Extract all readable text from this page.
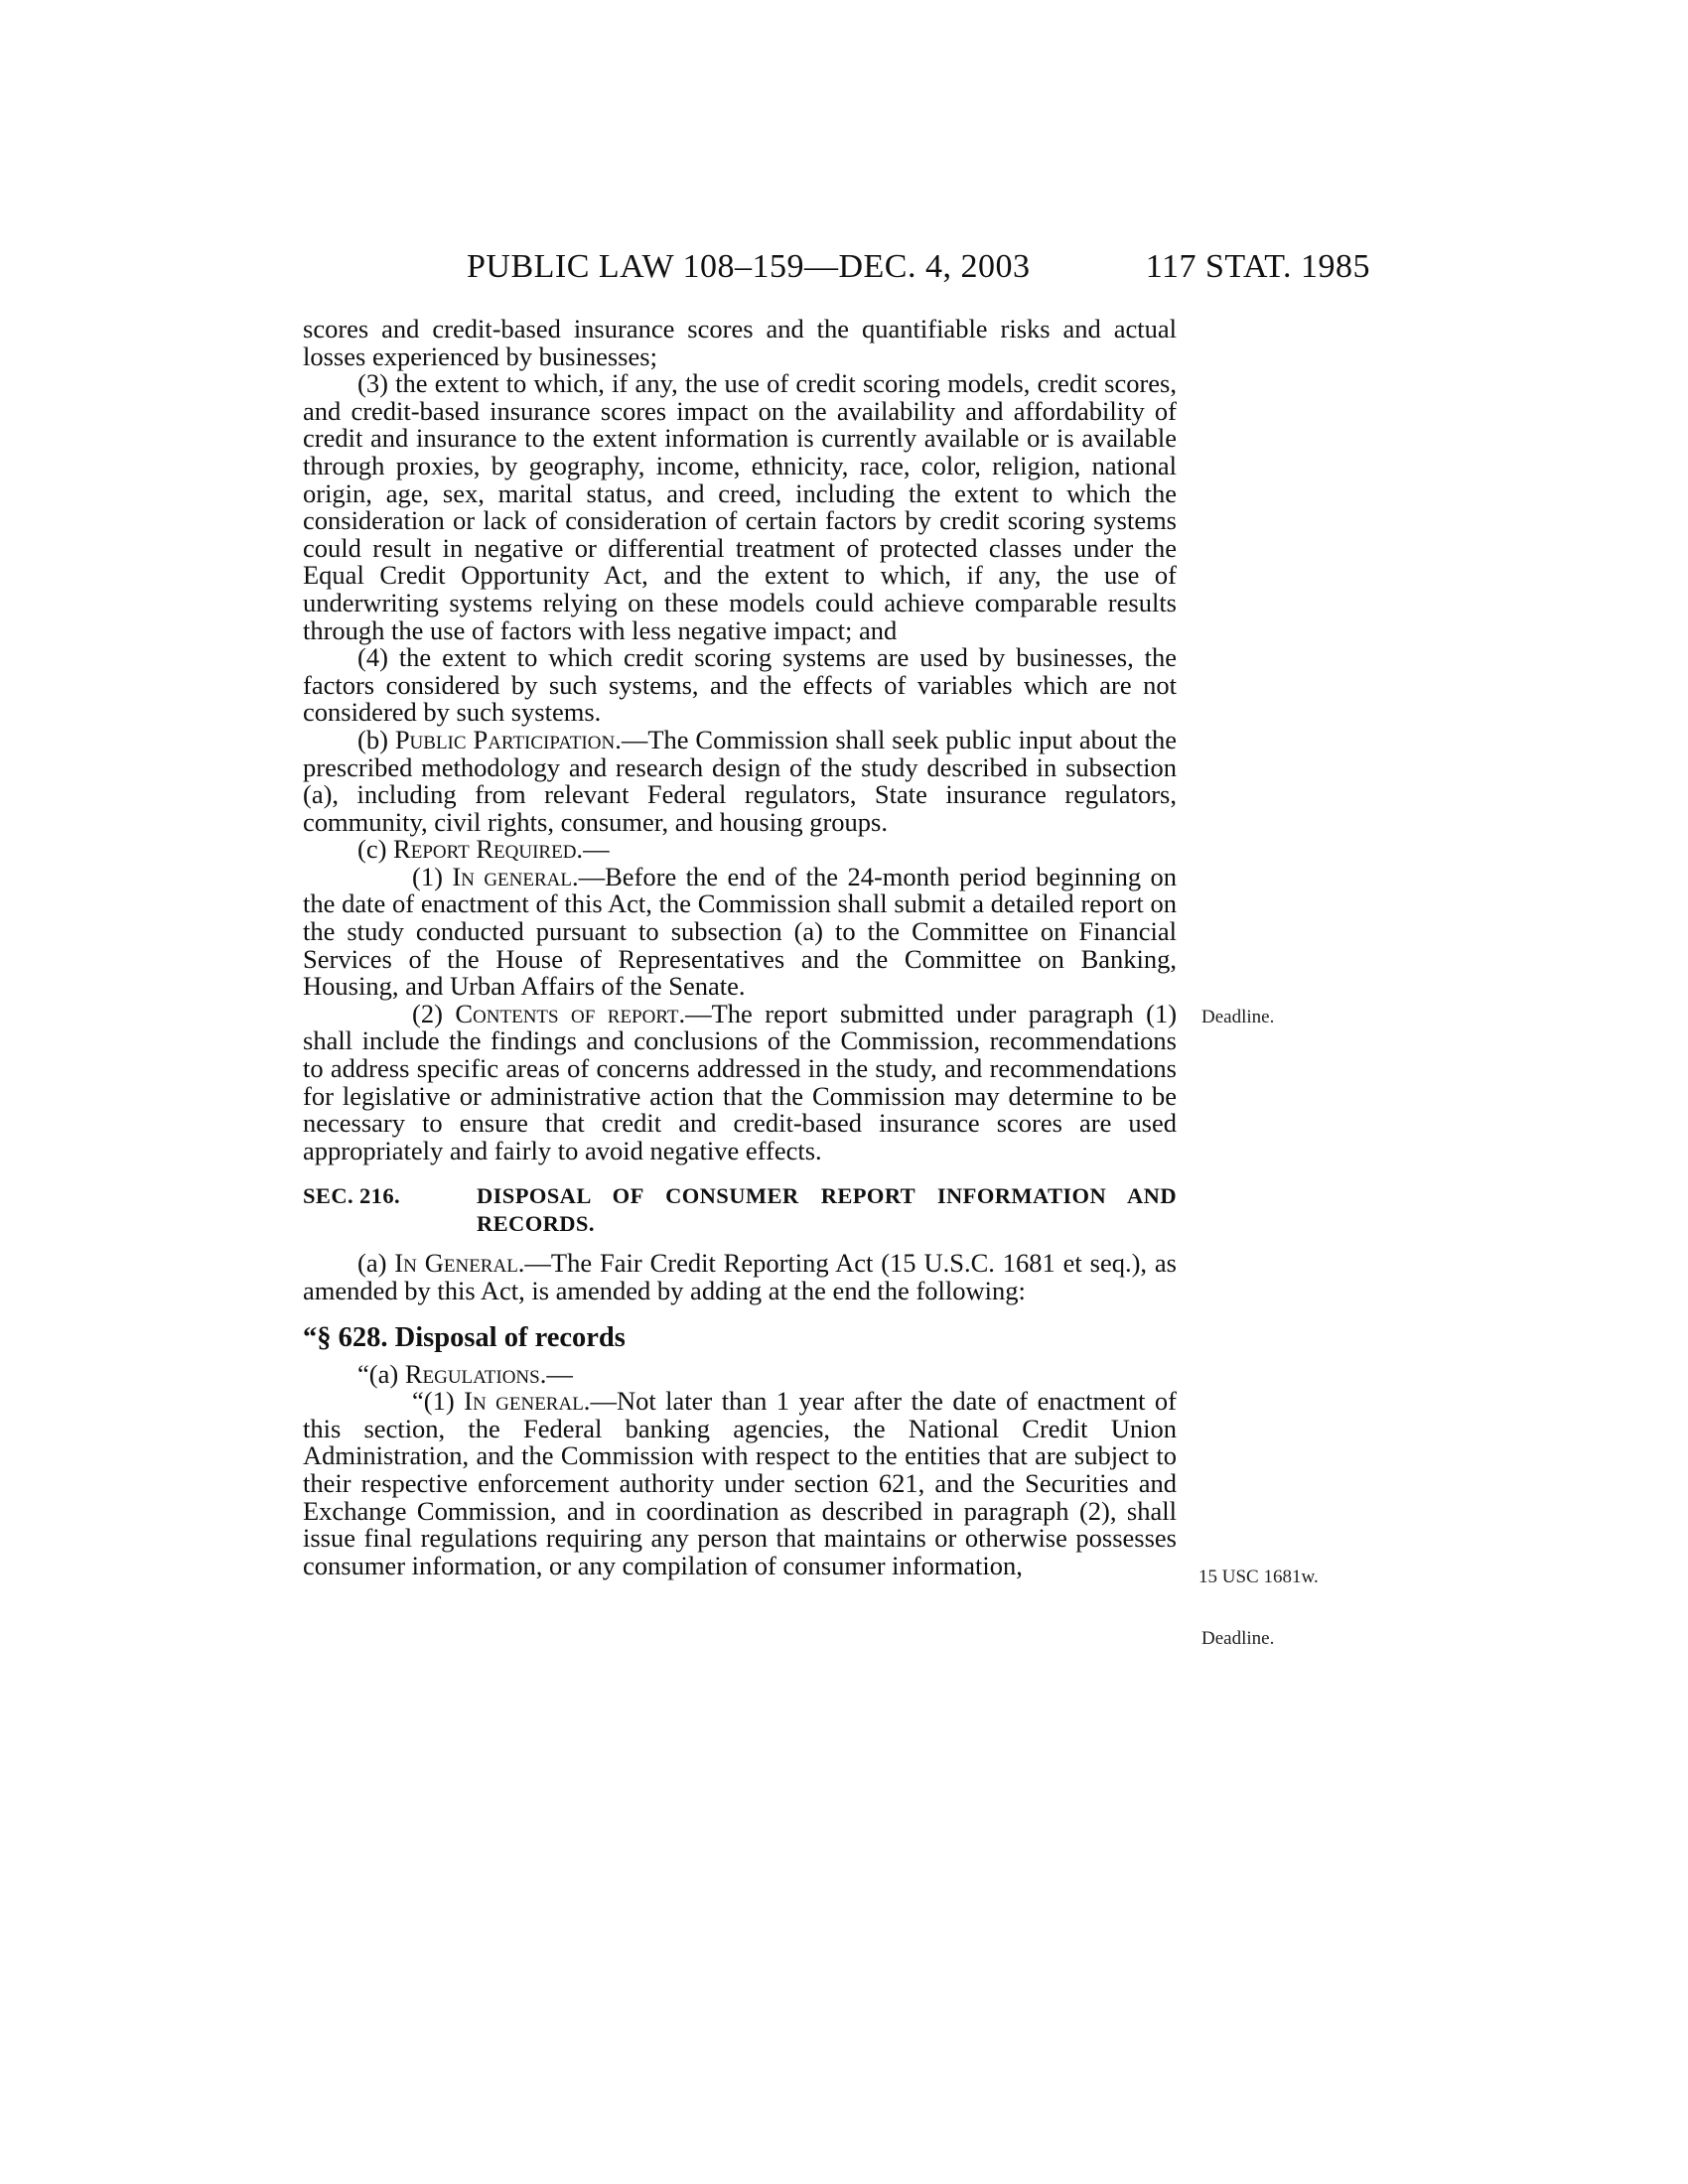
PUBLIC LAW 108–159—DEC. 4, 2003	117 STAT. 1985

scores and credit-based insurance scores and the quantifiable risks and actual losses experienced by businesses;

(3) the extent to which, if any, the use of credit scoring models, credit scores, and credit-based insurance scores impact on the availability and affordability of credit and insurance to the extent information is currently available or is available through proxies, by geography, income, ethnicity, race, color, religion, national origin, age, sex, marital status, and creed, including the extent to which the consideration or lack of consideration of certain factors by credit scoring systems could result in negative or differential treatment of protected classes under the Equal Credit Opportunity Act, and the extent to which, if any, the use of underwriting systems relying on these models could achieve comparable results through the use of factors with less negative impact; and

(4) the extent to which credit scoring systems are used by businesses, the factors considered by such systems, and the effects of variables which are not considered by such systems.

(b) Public Participation.—The Commission shall seek public input about the prescribed methodology and research design of the study described in subsection (a), including from relevant Federal regulators, State insurance regulators, community, civil rights, consumer, and housing groups.

(c) Report Required.—

(1) In general.—Before the end of the 24-month period beginning on the date of enactment of this Act, the Commission shall submit a detailed report on the study conducted pursuant to subsection (a) to the Committee on Financial Services of the House of Representatives and the Committee on Banking, Housing, and Urban Affairs of the Senate.

(2) Contents of report.—The report submitted under paragraph (1) shall include the findings and conclusions of the Commission, recommendations to address specific areas of concerns addressed in the study, and recommendations for legislative or administrative action that the Commission may determine to be necessary to ensure that credit and credit-based insurance scores are used appropriately and fairly to avoid negative effects.

SEC. 216.	DISPOSAL OF CONSUMER REPORT INFORMATION AND RECORDS.

(a) In General.—The Fair Credit Reporting Act (15 U.S.C. 1681 et seq.), as amended by this Act, is amended by adding at the end the following:

“§ 628. Disposal of records

“(a) Regulations.—

“(1) In general.—Not later than 1 year after the date of enactment of this section, the Federal banking agencies, the National Credit Union Administration, and the Commission with respect to the entities that are subject to their respective enforcement authority under section 621, and the Securities and Exchange Commission, and in coordination as described in paragraph (2), shall issue final regulations requiring any person that maintains or otherwise possesses consumer information, or any compilation of consumer information,

Deadline.
15 USC 1681w.
Deadline.
